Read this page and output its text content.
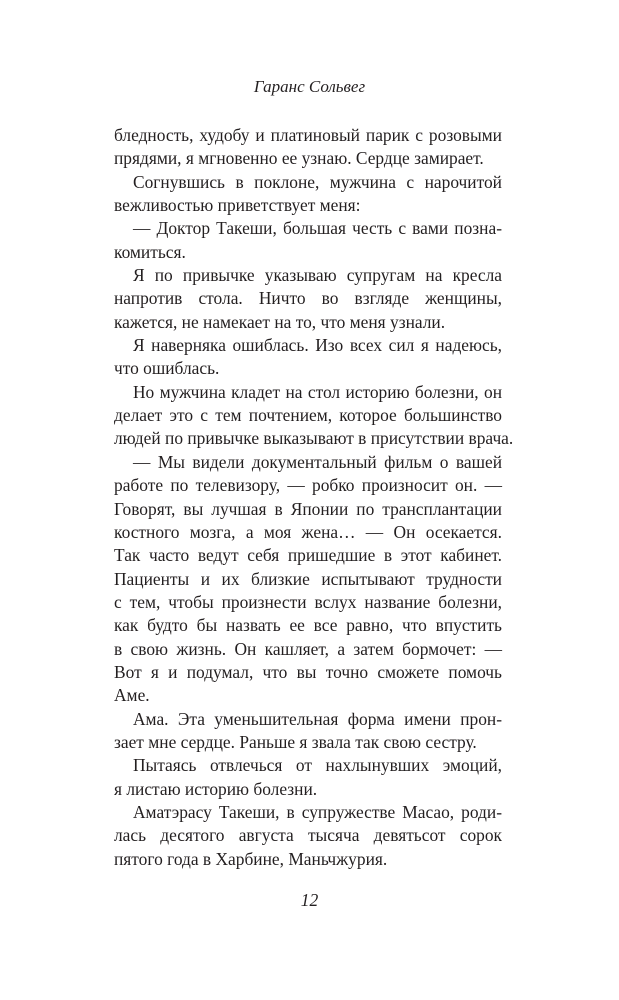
Гаранс Сольвег
бледность, худобу и платиновый парик с розовыми
прядями, я мгновенно ее узнаю. Сердце замирает.
Согнувшись в поклоне, мужчина с нарочитой
вежливостью приветствует меня:
— Доктор Такеши, большая честь с вами позна-
комиться.
Я по привычке указываю супругам на кресла
напротив стола. Ничто во взгляде женщины,
кажется, не намекает на то, что меня узнали.
Я наверняка ошиблась. Изо всех сил я надеюсь,
что ошиблась.
Но мужчина кладет на стол историю болезни, он
делает это с тем почтением, которое большинство
людей по привычке выказывают в присутствии врача.
— Мы видели документальный фильм о вашей
работе по телевизору, — робко произносит он. —
Говорят, вы лучшая в Японии по трансплантации
костного мозга, а моя жена… — Он осекается.
Так часто ведут себя пришедшие в этот кабинет.
Пациенты и их близкие испытывают трудности
с тем, чтобы произнести вслух название болезни,
как будто бы назвать ее все равно, что впустить
в свою жизнь. Он кашляет, а затем бормочет: —
Вот я и подумал, что вы точно сможете помочь
Аме.
Ама. Эта уменьшительная форма имени прон-
зает мне сердце. Раньше я звала так свою сестру.
Пытаясь отвлечься от нахлынувших эмоций,
я листаю историю болезни.
Аматэрасу Такеши, в супружестве Масао, роди-
лась десятого августа тысяча девятьсот сорок
пятого года в Харбине, Маньчжурия.
12
